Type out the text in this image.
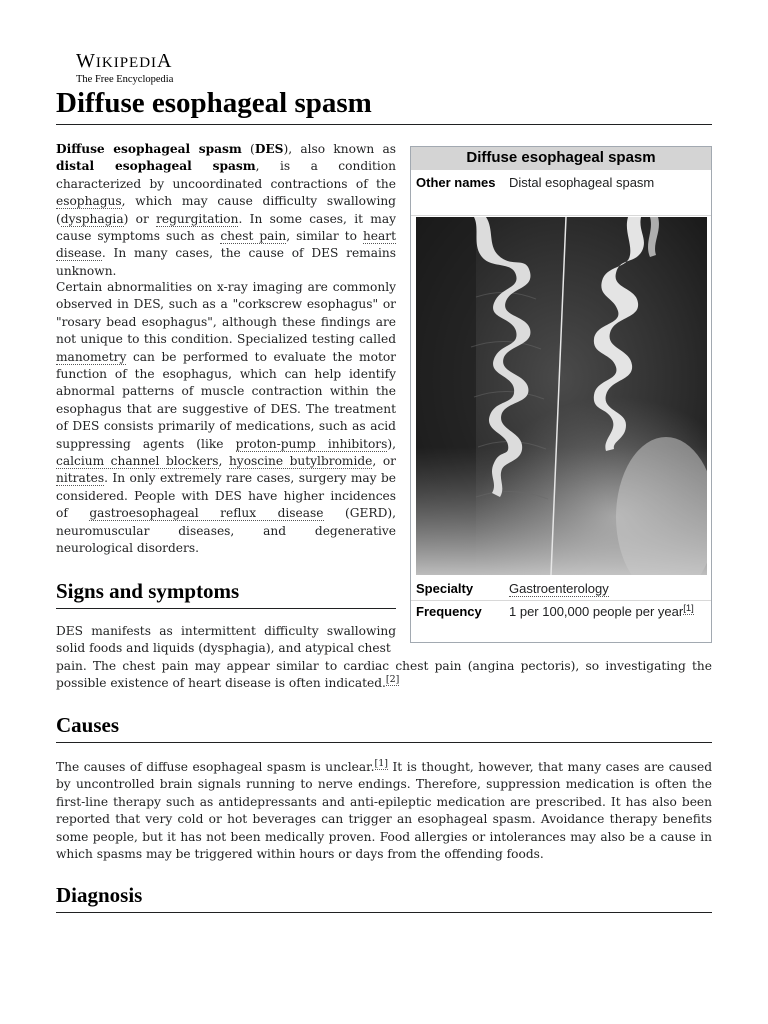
WIKIPEDIA
The Free Encyclopedia
Diffuse esophageal spasm

Diffuse esophageal spasm (DES), also known as distal esophageal spasm, is a condition characterized by uncoordinated contractions of the esophagus, which may cause difficulty swallowing (dysphagia) or regurgitation. In some cases, it may cause symptoms such as chest pain, similar to heart disease. In many cases, the cause of DES remains unknown.

Certain abnormalities on x-ray imaging are commonly observed in DES, such as a "corkscrew esophagus" or "rosary bead esophagus", although these findings are not unique to this condition. Specialized testing called manometry can be performed to evaluate the motor function of the esophagus, which can help identify abnormal patterns of muscle contraction within the esophagus that are suggestive of DES. The treatment of DES consists primarily of medications, such as acid suppressing agents (like proton-pump inhibitors), calcium channel blockers, hyoscine butylbromide, or nitrates. In only extremely rare cases, surgery may be considered. People with DES have higher incidences of gastroesophageal reflux disease (GERD), neuromuscular diseases, and degenerative neurological disorders.

Signs and symptoms

DES manifests as intermittent difficulty swallowing solid foods and liquids (dysphagia), and atypical chest

pain. The chest pain may appear similar to cardiac chest pain (angina pectoris), so investigating the possible existence of heart disease is often indicated.[2]

Causes

The causes of diffuse esophageal spasm is unclear.[1] It is thought, however, that many cases are caused by uncontrolled brain signals running to nerve endings. Therefore, suppression medication is often the first-line therapy such as antidepressants and anti-epileptic medication are prescribed. It has also been reported that very cold or hot beverages can trigger an esophageal spasm. Avoidance therapy benefits some people, but it has not been medically proven. Food allergies or intolerances may also be a cause in which spasms may be triggered within hours or days from the offending foods.

Diagnosis
Diffuse esophageal spasm
Other names Distal esophageal spasm
Specialty	Gastroenterology
Frequency 1 per 100,000 people per year[1]
